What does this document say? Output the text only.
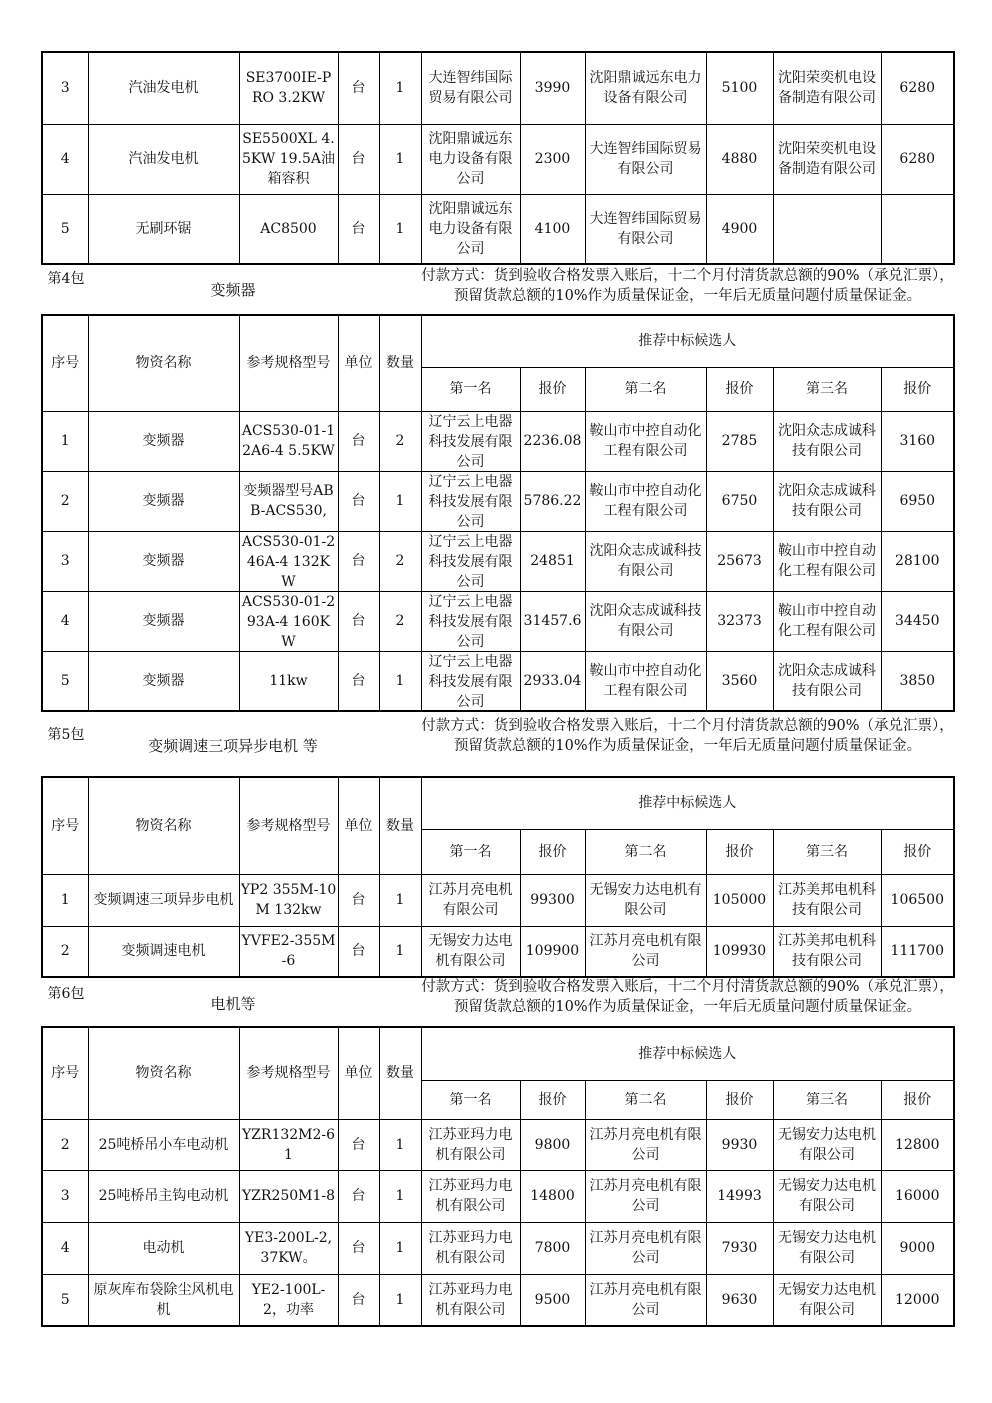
3	汽油发电机	SE3700IE-PRO 3.2KW	台	1	大连智纬国际贸易有限公司	3990	沈阳鼎诚远东电力设备有限公司	5100	沈阳荣奕机电设备制造有限公司	6280

4	汽油发电机	SE5500XL 4.5KW 19.5A油箱容积	台	1	沈阳鼎诚远东电力设备有限公司	2300	大连智纬国际贸易有限公司	4880	沈阳荣奕机电设备制造有限公司	6280

5	无刷环锯	AC8500	台	1	沈阳鼎诚远东电力设备有限公司	4100	大连智纬国际贸易有限公司	4900		

第4包
变频器
付款方式：货到验收合格发票入账后，十二个月付清货款总额的90%（承兑汇票），预留货款总额的10%作为质量保证金，一年后无质量问题付质量保证金。
序号	物资名称	参考规格型号	单位	数量	推荐中标候选人					
					第一名	报价	第二名	报价	第三名	报价

1	变频器	ACS530-01-12A6-4 5.5KW	台	2	辽宁云上电器科技发展有限公司	2236.08	鞍山市中控自动化工程有限公司	2785	沈阳众志成诚科技有限公司	3160

2	变频器	变频器型号ABB-ACS530,	台	1	辽宁云上电器科技发展有限公司	5786.22	鞍山市中控自动化工程有限公司	6750	沈阳众志成诚科技有限公司	6950

3	变频器	ACS530-01-246A-4 132KW	台	2	辽宁云上电器科技发展有限公司	24851	沈阳众志成诚科技有限公司	25673	鞍山市中控自动化工程有限公司	28100

4	变频器	ACS530-01-293A-4 160KW	台	2	辽宁云上电器科技发展有限公司	31457.6	沈阳众志成诚科技有限公司	32373	鞍山市中控自动化工程有限公司	34450

5	变频器	11kw	台	1	辽宁云上电器科技发展有限公司	2933.04	鞍山市中控自动化工程有限公司	3560	沈阳众志成诚科技有限公司	3850
第5包
变频调速三项异步电机 等
付款方式：货到验收合格发票入账后，十二个月付清货款总额的90%（承兑汇票），预留货款总额的10%作为质量保证金，一年后无质量问题付质量保证金。
序号	物资名称	参考规格型号	单位	数量	推荐中标候选人					
					第一名	报价	第二名	报价	第三名	报价

1	变频调速三项异步电机	YP2 355M-10M 132kw	台	1	江苏月亮电机有限公司	99300	无锡安力达电机有限公司	105000	江苏美邦电机科技有限公司	106500

2	变频调速电机	YVFE2-355M-6	台	1	无锡安力达电机有限公司	109900	江苏月亮电机有限公司	109930	江苏美邦电机科技有限公司	111700
第6包
电机等
付款方式：货到验收合格发票入账后，十二个月付清货款总额的90%（承兑汇票），预留货款总额的10%作为质量保证金，一年后无质量问题付质量保证金。
序号	物资名称	参考规格型号	单位	数量	推荐中标候选人					
					第一名	报价	第二名	报价	第三名	报价

2	25吨桥吊小车电动机	YZR132M2-6 1	台	1	江苏亚玛力电机有限公司	9800	江苏月亮电机有限公司	9930	无锡安力达电机有限公司	12800

3	25吨桥吊主钩电动机	YZR250M1-8	台	1	江苏亚玛力电机有限公司	14800	江苏月亮电机有限公司	14993	无锡安力达电机有限公司	16000

4	电动机	YE3-200L-2,37KW。	台	1	江苏亚玛力电机有限公司	7800	江苏月亮电机有限公司	7930	无锡安力达电机有限公司	9000

5	原灰库布袋除尘风机电机	YE2-100L-2，功率	台	1	江苏亚玛力电机有限公司	9500	江苏月亮电机有限公司	9630	无锡安力达电机有限公司	12000
